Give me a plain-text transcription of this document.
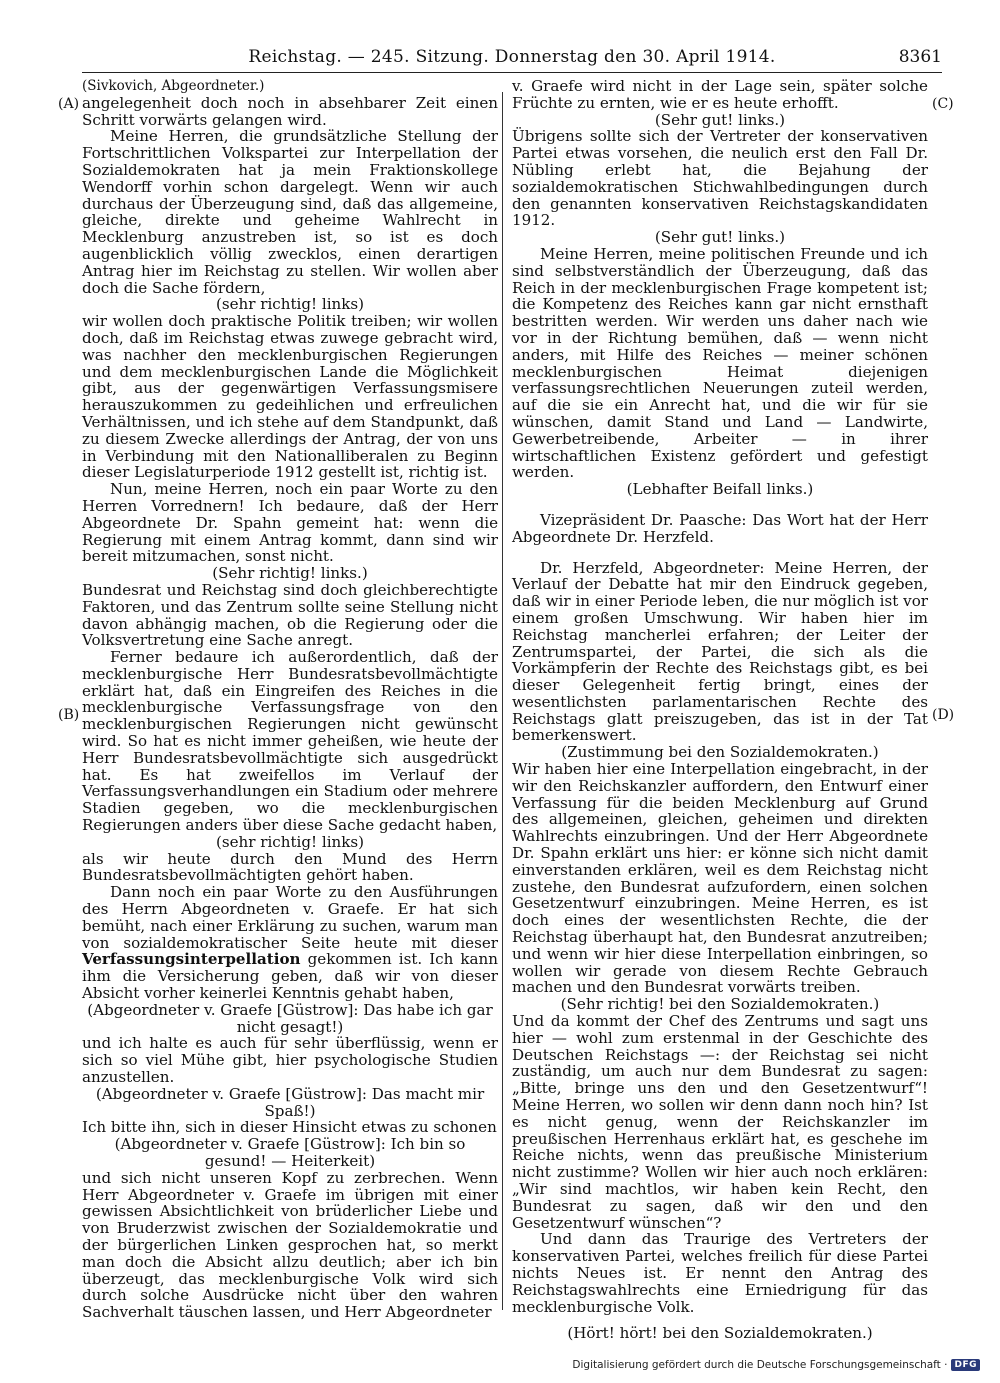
Reichstag. — 245. Sitzung. Donnerstag den 30. April 1914.	8361
(A)
(B)
(C)
(D)

(Sivkovich, Abgeordneter.)

angelegenheit doch noch in absehbarer Zeit einen Schritt vorwärts gelangen wird.

Meine Herren, die grundsätzliche Stellung der Fortschrittlichen Volkspartei zur Interpellation der Sozialdemokraten hat ja mein Fraktionskollege Wendorff vorhin schon dargelegt. Wenn wir auch durchaus der Überzeugung sind, daß das allgemeine, gleiche, direkte und geheime Wahlrecht in Mecklenburg anzustreben ist, so ist es doch augenblicklich völlig zwecklos, einen derartigen Antrag hier im Reichstag zu stellen. Wir wollen aber doch die Sache fördern,

(sehr richtig! links)

wir wollen doch praktische Politik treiben; wir wollen doch, daß im Reichstag etwas zuwege gebracht wird, was nachher den mecklenburgischen Regierungen und dem mecklenburgischen Lande die Möglichkeit gibt, aus der gegenwärtigen Verfassungsmisere herauszukommen zu gedeihlichen und erfreulichen Verhältnissen, und ich stehe auf dem Standpunkt, daß zu diesem Zwecke allerdings der Antrag, der von uns in Verbindung mit den Nationalliberalen zu Beginn dieser Legislaturperiode 1912 gestellt ist, richtig ist.

Nun, meine Herren, noch ein paar Worte zu den Herren Vorrednern! Ich bedaure, daß der Herr Abgeordnete Dr. Spahn gemeint hat: wenn die Regierung mit einem Antrag kommt, dann sind wir bereit mitzumachen, sonst nicht.

(Sehr richtig! links.)

Bundesrat und Reichstag sind doch gleichberechtigte Faktoren, und das Zentrum sollte seine Stellung nicht davon abhängig machen, ob die Regierung oder die Volksvertretung eine Sache anregt.

Ferner bedaure ich außerordentlich, daß der mecklenburgische Herr Bundesratsbevollmächtigte erklärt hat, daß ein Eingreifen des Reiches in die mecklenburgische Verfassungsfrage von den mecklenburgischen Regierungen nicht gewünscht wird. So hat es nicht immer geheißen, wie heute der Herr Bundesratsbevollmächtigte sich ausgedrückt hat. Es hat zweifellos im Verlauf der Verfassungsverhandlungen ein Stadium oder mehrere Stadien gegeben, wo die mecklenburgischen Regierungen anders über diese Sache gedacht haben,

(sehr richtig! links)

als wir heute durch den Mund des Herrn Bundesratsbevollmächtigten gehört haben.

Dann noch ein paar Worte zu den Ausführungen des Herrn Abgeordneten v. Graefe. Er hat sich bemüht, nach einer Erklärung zu suchen, warum man von sozialdemokratischer Seite heute mit dieser Verfassungsinterpellation gekommen ist. Ich kann ihm die Versicherung geben, daß wir von dieser Absicht vorher keinerlei Kenntnis gehabt haben,

(Abgeordneter v. Graefe [Güstrow]: Das habe ich gar nicht gesagt!)

und ich halte es auch für sehr überflüssig, wenn er sich so viel Mühe gibt, hier psychologische Studien anzustellen.

(Abgeordneter v. Graefe [Güstrow]: Das macht mir Spaß!)

Ich bitte ihn, sich in dieser Hinsicht etwas zu schonen

(Abgeordneter v. Graefe [Güstrow]: Ich bin so gesund! — Heiterkeit)

und sich nicht unseren Kopf zu zerbrechen. Wenn Herr Abgeordneter v. Graefe im übrigen mit einer gewissen Absichtlichkeit von brüderlicher Liebe und von Bruderzwist zwischen der Sozialdemokratie und der bürgerlichen Linken gesprochen hat, so merkt man doch die Absicht allzu deutlich; aber ich bin überzeugt, das mecklenburgische Volk wird sich durch solche Ausdrücke nicht über den wahren Sachverhalt täuschen lassen, und Herr Abgeordneter

v. Graefe wird nicht in der Lage sein, später solche Früchte zu ernten, wie er es heute erhofft.

(Sehr gut! links.)

Übrigens sollte sich der Vertreter der konservativen Partei etwas vorsehen, die neulich erst den Fall Dr. Nübling erlebt hat, die Bejahung der sozialdemokratischen Stichwahlbedingungen durch den genannten konservativen Reichstagskandidaten 1912.

(Sehr gut! links.)

Meine Herren, meine politischen Freunde und ich sind selbstverständlich der Überzeugung, daß das Reich in der mecklenburgischen Frage kompetent ist; die Kompetenz des Reiches kann gar nicht ernsthaft bestritten werden. Wir werden uns daher nach wie vor in der Richtung bemühen, daß — wenn nicht anders, mit Hilfe des Reiches — meiner schönen mecklenburgischen Heimat diejenigen verfassungsrechtlichen Neuerungen zuteil werden, auf die sie ein Anrecht hat, und die wir für sie wünschen, damit Stand und Land — Landwirte, Gewerbetreibende, Arbeiter — in ihrer wirtschaftlichen Existenz gefördert und gefestigt werden.

(Lebhafter Beifall links.)

Vizepräsident Dr. Paasche: Das Wort hat der Herr Abgeordnete Dr. Herzfeld.

Dr. Herzfeld, Abgeordneter: Meine Herren, der Verlauf der Debatte hat mir den Eindruck gegeben, daß wir in einer Periode leben, die nur möglich ist vor einem großen Umschwung. Wir haben hier im Reichstag mancherlei erfahren; der Leiter der Zentrumspartei, der Partei, die sich als die Vorkämpferin der Rechte des Reichstags gibt, es bei dieser Gelegenheit fertig bringt, eines der wesentlichsten parlamentarischen Rechte des Reichstags glatt preiszugeben, das ist in der Tat bemerkenswert.

(Zustimmung bei den Sozialdemokraten.)

Wir haben hier eine Interpellation eingebracht, in der wir den Reichskanzler auffordern, den Entwurf einer Verfassung für die beiden Mecklenburg auf Grund des allgemeinen, gleichen, geheimen und direkten Wahlrechts einzubringen. Und der Herr Abgeordnete Dr. Spahn erklärt uns hier: er könne sich nicht damit einverstanden erklären, weil es dem Reichstag nicht zustehe, den Bundesrat aufzufordern, einen solchen Gesetzentwurf einzubringen. Meine Herren, es ist doch eines der wesentlichsten Rechte, die der Reichstag überhaupt hat, den Bundesrat anzutreiben; und wenn wir hier diese Interpellation einbringen, so wollen wir gerade von diesem Rechte Gebrauch machen und den Bundesrat vorwärts treiben.

(Sehr richtig! bei den Sozialdemokraten.)

Und da kommt der Chef des Zentrums und sagt uns hier — wohl zum erstenmal in der Geschichte des Deutschen Reichstags —: der Reichstag sei nicht zuständig, um auch nur dem Bundesrat zu sagen: „Bitte, bringe uns den und den Gesetzentwurf“! Meine Herren, wo sollen wir denn dann noch hin? Ist es nicht genug, wenn der Reichskanzler im preußischen Herrenhaus erklärt hat, es geschehe im Reiche nichts, wenn das preußische Ministerium nicht zustimme? Wollen wir hier auch noch erklären: „Wir sind machtlos, wir haben kein Recht, den Bundesrat zu sagen, daß wir den und den Gesetzentwurf wünschen“?

Und dann das Traurige des Vertreters der konservativen Partei, welches freilich für diese Partei nichts Neues ist. Er nennt den Antrag des Reichstagswahlrechts eine Erniedrigung für das mecklenburgische Volk.

(Hört! hört! bei den Sozialdemokraten.)

Digitalisierung gefördert durch die Deutsche Forschungsgemeinschaft · DFG
